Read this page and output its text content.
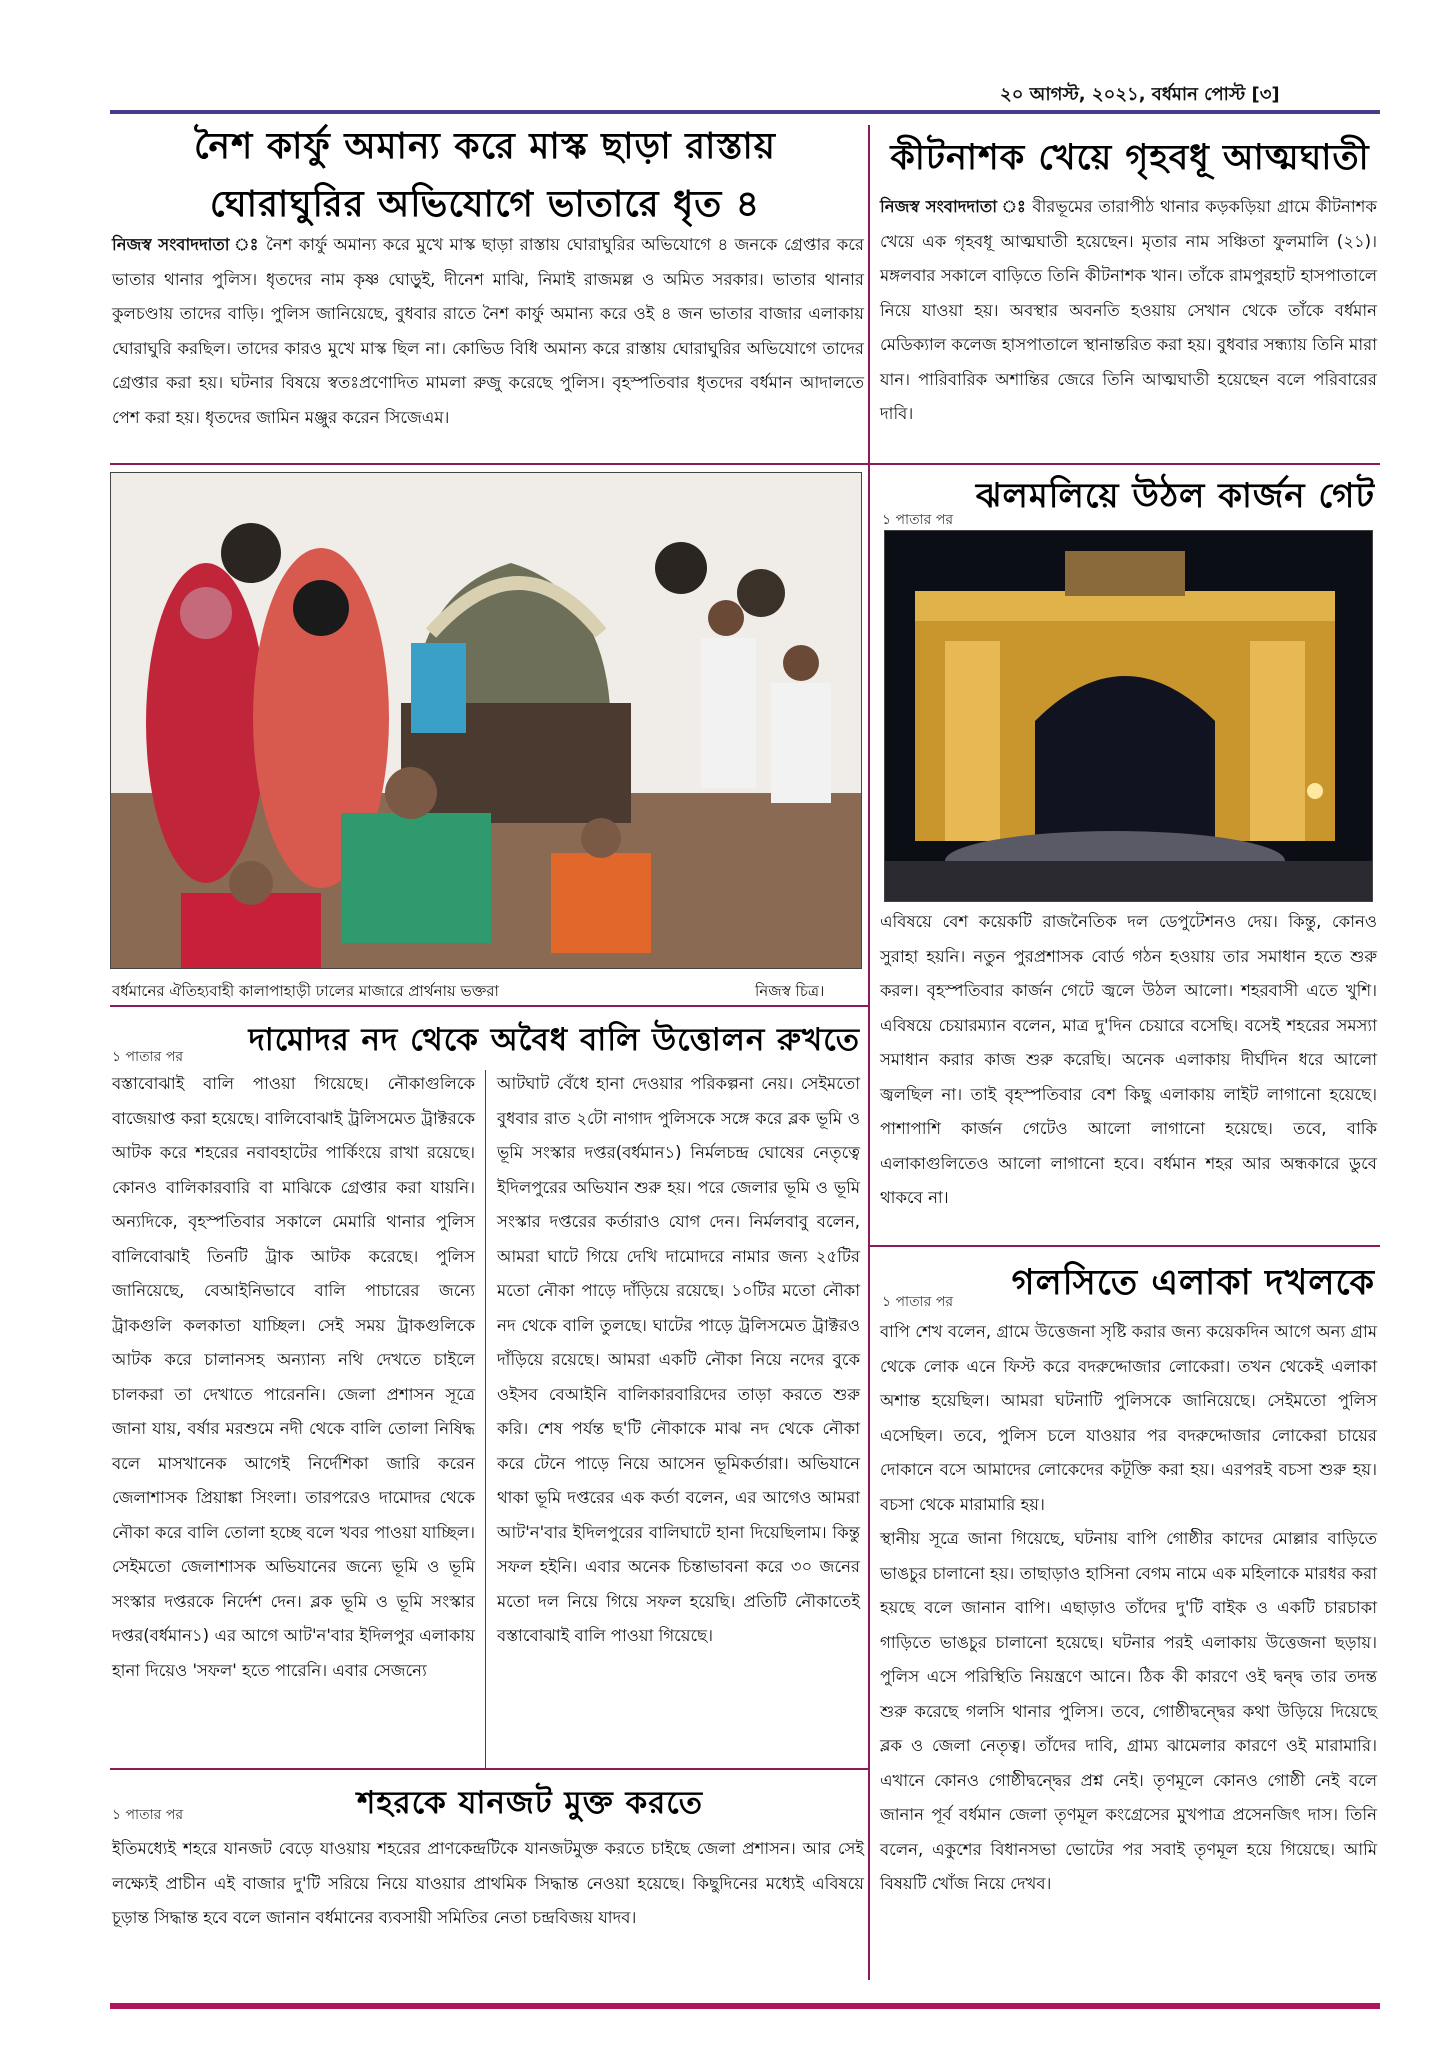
২০ আগস্ট, ২০২১, বর্ধমান পোস্ট [৩]
নৈশ কার্ফু অমান্য করে মাস্ক ছাড়া রাস্তায়
ঘোরাঘুরির অভিযোগে ভাতারে ধৃত ৪

নিজস্ব সংবাদদাতা ঃ নৈশ কার্ফু অমান্য করে মুখে মাস্ক ছাড়া রাস্তায় ঘোরাঘুরির অভিযোগে ৪ জনকে গ্রেপ্তার করে ভাতার থানার পুলিস। ধৃতদের নাম কৃষ্ণ ঘোড়ুই, দীনেশ মাঝি, নিমাই রাজমল্ল ও অমিত সরকার। ভাতার থানার কুলচণ্ডায় তাদের বাড়ি। পুলিস জানিয়েছে, বুধবার রাতে নৈশ কার্ফু অমান্য করে ওই ৪ জন ভাতার বাজার এলাকায় ঘোরাঘুরি করছিল। তাদের কারও মুখে মাস্ক ছিল না। কোভিড বিধি অমান্য করে রাস্তায় ঘোরাঘুরির অভিযোগে তাদের গ্রেপ্তার করা হয়। ঘটনার বিষয়ে স্বতঃপ্রণোদিত মামলা রুজু করেছে পুলিস। বৃহস্পতিবার ধৃতদের বর্ধমান আদালতে পেশ করা হয়। ধৃতদের জামিন মঞ্জুর করেন সিজেএম।

কীটনাশক খেয়ে গৃহবধূ আত্মঘাতী

নিজস্ব সংবাদদাতা ঃ বীরভূমের তারাপীঠ থানার কড়কড়িয়া গ্রামে কীটনাশক খেয়ে এক গৃহবধূ আত্মঘাতী হয়েছেন। মৃতার নাম সঞ্চিতা ফুলমালি (২১)। মঙ্গলবার সকালে বাড়িতে তিনি কীটনাশক খান। তাঁকে রামপুরহাট হাসপাতালে নিয়ে যাওয়া হয়। অবস্থার অবনতি হওয়ায় সেখান থেকে তাঁকে বর্ধমান মেডিক্যাল কলেজ হাসপাতালে স্থানান্তরিত করা হয়। বুধবার সন্ধ্যায় তিনি মারা যান। পারিবারিক অশান্তির জেরে তিনি আত্মঘাতী হয়েছেন বলে পরিবারের দাবি।

বর্ধমানের ঐতিহ্যবাহী কালাপাহাড়ী ঢালের মাজারে প্রার্থনায় ভক্তরা	নিজস্ব চিত্র।
১ পাতার পর
ঝলমলিয়ে উঠল কার্জন গেট
এবিষয়ে বেশ কয়েকটি রাজনৈতিক দল ডেপুটেশনও দেয়। কিন্তু, কোনও সুরাহা হয়নি। নতুন পুরপ্রশাসক বোর্ড গঠন হওয়ায় তার সমাধান হতে শুরু করল। বৃহস্পতিবার কার্জন গেটে জ্বলে উঠল আলো। শহরবাসী এতে খুশি। এবিষয়ে চেয়ারম্যান বলেন, মাত্র দু'দিন চেয়ারে বসেছি। বসেই শহরের সমস্যা সমাধান করার কাজ শুরু করেছি। অনেক এলাকায় দীর্ঘদিন ধরে আলো জ্বলছিল না। তাই বৃহস্পতিবার বেশ কিছু এলাকায় লাইট লাগানো হয়েছে। পাশাপাশি কার্জন গেটেও আলো লাগানো হয়েছে। তবে, বাকি এলাকাগুলিতেও আলো লাগানো হবে। বর্ধমান শহর আর অন্ধকারে ডুবে থাকবে না।
১ পাতার পর	দামোদর নদ থেকে অবৈধ বালি উত্তোলন রুখতে
বস্তাবোঝাই বালি পাওয়া গিয়েছে। নৌকাগুলিকে বাজেয়াপ্ত করা হয়েছে। বালিবোঝাই ট্রলিসমেত ট্রাক্টরকে আটক করে শহরের নবাবহাটের পার্কিংয়ে রাখা রয়েছে। কোনও বালিকারবারি বা মাঝিকে গ্রেপ্তার করা যায়নি। অন্যদিকে, বৃহস্পতিবার সকালে মেমারি থানার পুলিস বালিবোঝাই তিনটি ট্রাক আটক করেছে। পুলিস জানিয়েছে, বেআইনিভাবে বালি পাচারের জন্যে ট্রাকগুলি কলকাতা যাচ্ছিল। সেই সময় ট্রাকগুলিকে আটক করে চালানসহ অন্যান্য নথি দেখতে চাইলে চালকরা তা দেখাতে পারেননি। জেলা প্রশাসন সূত্রে জানা যায়, বর্ষার মরশুমে নদী থেকে বালি তোলা নিষিদ্ধ বলে মাসখানেক আগেই নির্দেশিকা জারি করেন জেলাশাসক প্রিয়াঙ্কা সিংলা। তারপরেও দামোদর থেকে নৌকা করে বালি তোলা হচ্ছে বলে খবর পাওয়া যাচ্ছিল। সেইমতো জেলাশাসক অভিযানের জন্যে ভূমি ও ভূমি সংস্কার দপ্তরকে নির্দেশ দেন। ব্লক ভূমি ও ভূমি সংস্কার দপ্তর(বর্ধমান১) এর আগে আট'ন'বার ইদিলপুর এলাকায় হানা দিয়েও 'সফল' হতে পারেনি। এবার সেজন্যে
আটঘাট বেঁধে হানা দেওয়ার পরিকল্পনা নেয়। সেইমতো বুধবার রাত ২টো নাগাদ পুলিসকে সঙ্গে করে ব্লক ভূমি ও ভূমি সংস্কার দপ্তর(বর্ধমান১) নির্মলচন্দ্র ঘোষের নেতৃত্বে ইদিলপুরের অভিযান শুরু হয়। পরে জেলার ভূমি ও ভূমি সংস্কার দপ্তরের কর্তারাও যোগ দেন। নির্মলবাবু বলেন, আমরা ঘাটে গিয়ে দেখি দামোদরে নামার জন্য ২৫টির মতো নৌকা পাড়ে দাঁড়িয়ে রয়েছে। ১০টির মতো নৌকা নদ থেকে বালি তুলছে। ঘাটের পাড়ে ট্রলিসমেত ট্রাক্টরও দাঁড়িয়ে রয়েছে। আমরা একটি নৌকা নিয়ে নদের বুকে ওইসব বেআইনি বালিকারবারিদের তাড়া করতে শুরু করি। শেষ পর্যন্ত ছ'টি নৌকাকে মাঝ নদ থেকে নৌকা করে টেনে পাড়ে নিয়ে আসেন ভূমিকর্তারা। অভিযানে থাকা ভূমি দপ্তরের এক কর্তা বলেন, এর আগেও আমরা আট'ন'বার ইদিলপুরের বালিঘাটে হানা দিয়েছিলাম। কিন্তু সফল হইনি। এবার অনেক চিন্তাভাবনা করে ৩০ জনের মতো দল নিয়ে গিয়ে সফল হয়েছি। প্রতিটি নৌকাতেই বস্তাবোঝাই বালি পাওয়া গিয়েছে।
১ পাতার পর	শহরকে যানজট মুক্ত করতে
ইতিমধ্যেই শহরে যানজট বেড়ে যাওয়ায় শহরের প্রাণকেন্দ্রটিকে যানজটমুক্ত করতে চাইছে জেলা প্রশাসন। আর সেই লক্ষ্যেই প্রাচীন এই বাজার দু'টি সরিয়ে নিয়ে যাওয়ার প্রাথমিক সিদ্ধান্ত নেওয়া হয়েছে। কিছুদিনের মধ্যেই এবিষয়ে চূড়ান্ত সিদ্ধান্ত হবে বলে জানান বর্ধমানের ব্যবসায়ী সমিতির নেতা চন্দ্রবিজয় যাদব।
১ পাতার পর	গলসিতে এলাকা দখলকে

বাপি শেখ বলেন, গ্রামে উত্তেজনা সৃষ্টি করার জন্য কয়েকদিন আগে অন্য গ্রাম থেকে লোক এনে ফিস্ট করে বদরুদ্দোজার লোকেরা। তখন থেকেই এলাকা অশান্ত হয়েছিল। আমরা ঘটনাটি পুলিসকে জানিয়েছে। সেইমতো পুলিস এসেছিল। তবে, পুলিস চলে যাওয়ার পর বদরুদ্দোজার লোকেরা চায়ের দোকানে বসে আমাদের লোকেদের কটূক্তি করা হয়। এরপরই বচসা শুরু হয়। বচসা থেকে মারামারি হয়।

স্থানীয় সূত্রে জানা গিয়েছে, ঘটনায় বাপি গোষ্ঠীর কাদের মোল্লার বাড়িতে ভাঙচুর চালানো হয়। তাছাড়াও হাসিনা বেগম নামে এক মহিলাকে মারধর করা হয়ছে বলে জানান বাপি। এছাড়াও তাঁদের দু'টি বাইক ও একটি চারচাকা গাড়িতে ভাঙচুর চালানো হয়েছে। ঘটনার পরই এলাকায় উত্তেজনা ছড়ায়। পুলিস এসে পরিস্থিতি নিয়ন্ত্রণে আনে। ঠিক কী কারণে ওই দ্বন্দ্ব তার তদন্ত শুরু করেছে গলসি থানার পুলিস। তবে, গোষ্ঠীদ্বন্দ্বের কথা উড়িয়ে দিয়েছে ব্লক ও জেলা নেতৃত্ব। তাঁদের দাবি, গ্রাম্য ঝামেলার কারণে ওই মারামারি। এখানে কোনও গোষ্ঠীদ্বন্দ্বের প্রশ্ন নেই। তৃণমূলে কোনও গোষ্ঠী নেই বলে জানান পূর্ব বর্ধমান জেলা তৃণমূল কংগ্রেসের মুখপাত্র প্রসেনজিৎ দাস। তিনি বলেন, একুশের বিধানসভা ভোটের পর সবাই তৃণমূল হয়ে গিয়েছে। আমি বিষয়টি খোঁজ নিয়ে দেখব।
